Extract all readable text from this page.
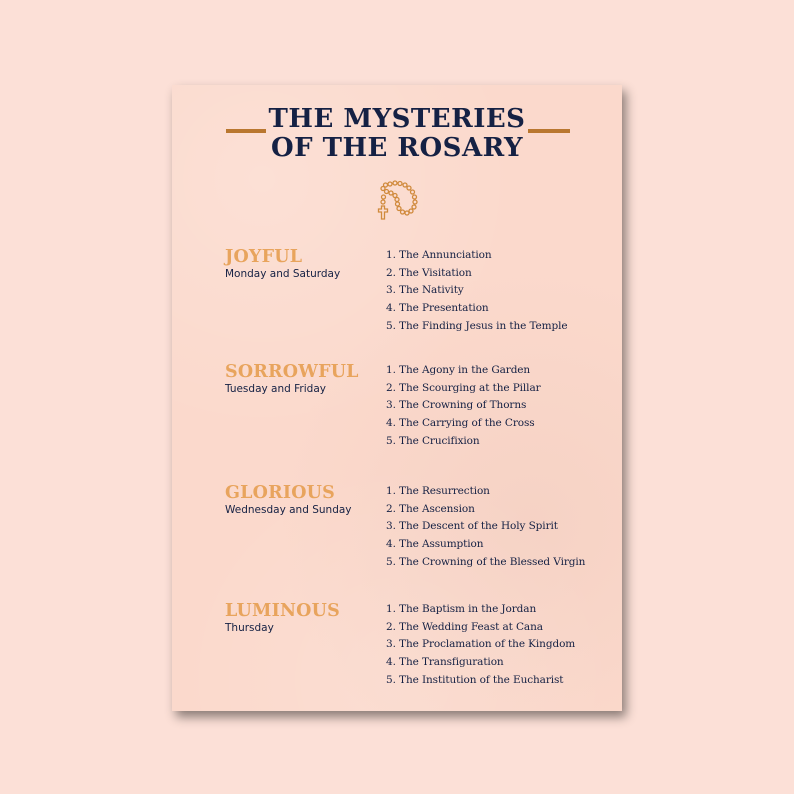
THE MYSTERIES
OF THE ROSARY
JOYFUL
Monday and Saturday
1. The Annunciation
2. The Visitation
3. The Nativity
4. The Presentation
5. The Finding Jesus in the Temple
SORROWFUL
Tuesday and Friday
1. The Agony in the Garden
2. The Scourging at the Pillar
3. The Crowning of Thorns
4. The Carrying of the Cross
5. The Crucifixion
GLORIOUS
Wednesday and Sunday
1. The Resurrection
2. The Ascension
3. The Descent of the Holy Spirit
4. The Assumption
5. The Crowning of the Blessed Virgin
LUMINOUS
Thursday
1. The Baptism in the Jordan
2. The Wedding Feast at Cana
3. The Proclamation of the Kingdom
4. The Transfiguration
5. The Institution of the Eucharist
